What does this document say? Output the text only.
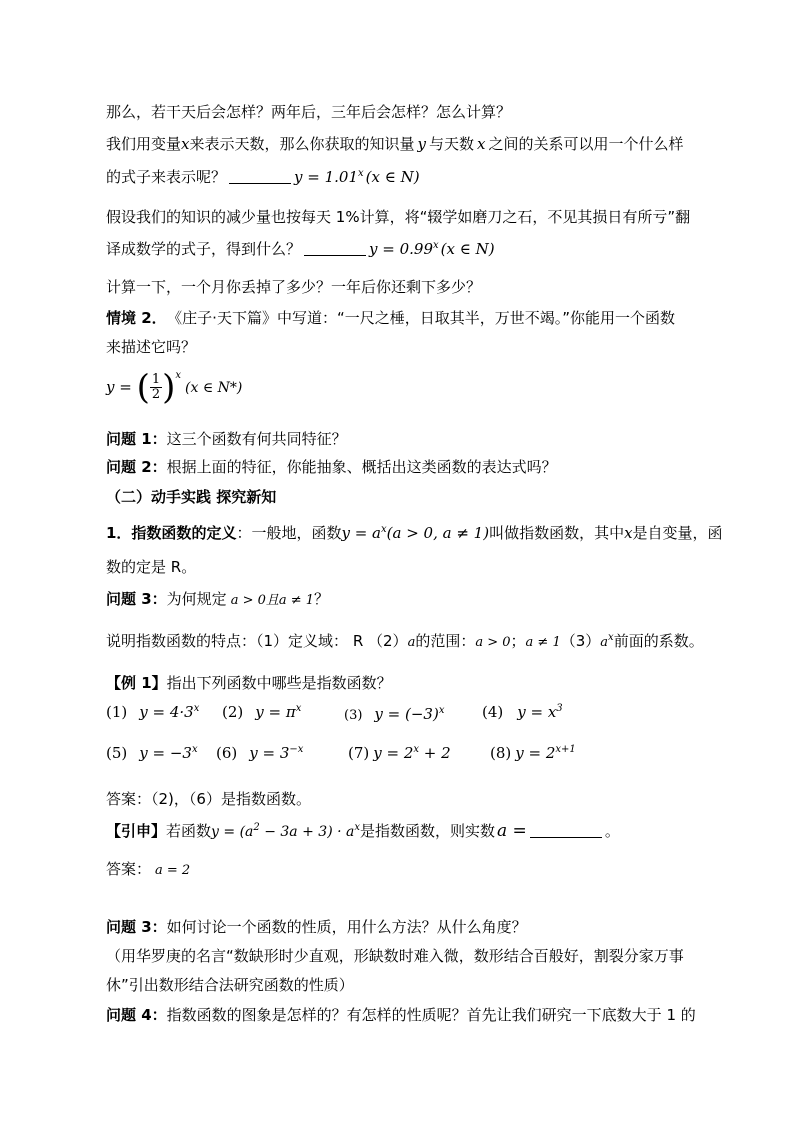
那么，若干天后会怎样？两年后，三年后会怎样？怎么计算？
我们用变量x来表示天数，那么你获取的知识量 y 与天数 x 之间的关系可以用一个什么样
的式子来表示呢？	$y = 1.01^x$ (x ∈ N)
假设我们的知识的减少量也按每天 1%计算，将“辍学如磨刀之石，不见其损日有所亏”翻
译成数学的式子，得到什么？	$y = 0.99^x$ (x ∈ N)
计算一下，一个月你丢掉了多少？一年后你还剩下多少？
情境 2． 《庄子·天下篇》中写道：“一尺之棰，日取其半，万世不竭。”你能用一个函数
来描述它吗？
y = ( $\frac{1}{2} )^x(x$ ∈ N*)
问题 1：这三个函数有何共同特征？
问题 2：根据上面的特征，你能抽象、概括出这类函数的表达式吗？
（二）动手实践 探究新知
1．指数函数的定义：一般地，函数$y = a^x(a > 0$, a ≠ 1)叫做指数函数，其中x是自变量，函
数的定是 R。
问题 3：为何规定 a > 0且a ≠ 1？
说明指数函数的特点：（1）定义域： R （2）a的范围：a > 0；$a \ne 1(3)a^x$前面的系数。
【例 1】指出下列函数中哪些是指数函数？
(1) $y = 4\cdot 3^x$ (2) $y = \pi^x$	(3) $y = (-3)^x$	(4) $y = x^3$
(5) $y = -3^x$ (6) $y = 3^{-x}$	(7) $y = 2^x + 2$	(8) $y = 2^{x+1}$
答案：（2)，（6）是指数函数。
【引申】若函数$y = (a^2 - 3a + 3) \cdot a^x$是指数函数，则实数 a =	。
答案： a = 2
问题 3：如何讨论一个函数的性质，用什么方法？从什么角度？
（用华罗庚的名言“数缺形时少直观，形缺数时难入微，数形结合百般好，割裂分家万事
休”引出数形结合法研究函数的性质）
问题 4：指数函数的图象是怎样的？有怎样的性质呢？首先让我们研究一下底数大于 1 的
